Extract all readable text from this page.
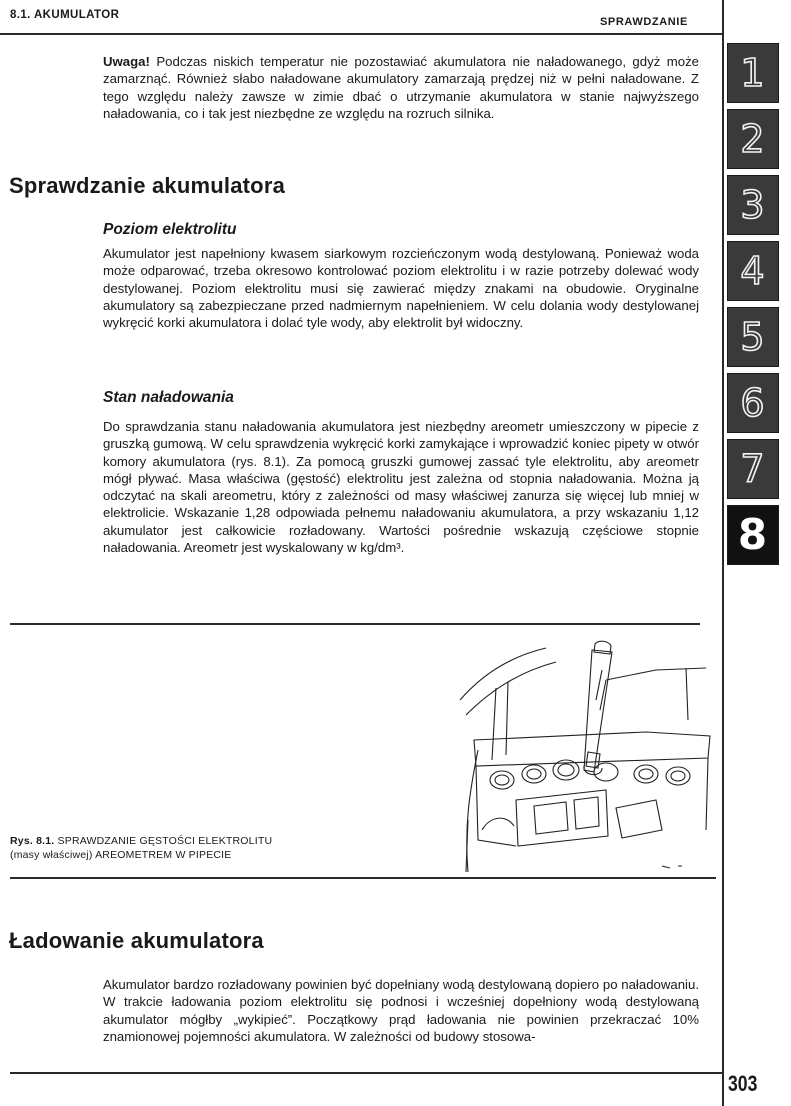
8.1. AKUMULATOR
SPRAWDZANIE
1
2
3
4
5
6
7
8
Uwaga! Podczas niskich temperatur nie pozostawiać akumulatora nie naładowanego, gdyż może zamarznąć. Również słabo naładowane akumulatory zamarzają prędzej niż w pełni naładowane. Z tego względu należy zawsze w zimie dbać o utrzymanie akumulatora w stanie najwyższego naładowania, co i tak jest niezbędne ze względu na rozruch silnika.
Sprawdzanie akumulatora
Poziom elektrolitu
Akumulator jest napełniony kwasem siarkowym rozcieńczonym wodą destylowaną. Ponieważ woda może odparować, trzeba okresowo kontrolować poziom elektrolitu i w razie potrzeby dolewać wody destylowanej. Poziom elektrolitu musi się zawierać między znakami na obudowie. Oryginalne akumulatory są zabezpieczane przed nadmiernym napełnieniem. W celu dolania wody destylowanej wykręcić korki akumulatora i dolać tyle wody, aby elektrolit był widoczny.
Stan naładowania
Do sprawdzania stanu naładowania akumulatora jest niezbędny areometr umieszczony w pipecie z gruszką gumową. W celu sprawdzenia wykręcić korki zamykające i wprowadzić koniec pipety w otwór komory akumulatora (rys. 8.1). Za pomocą gruszki gumowej zassać tyle elektrolitu, aby areometr mógł pływać. Masa właściwa (gęstość) elektrolitu jest zależna od stopnia naładowania. Można ją odczytać na skali areometru, który z zależności od masy właściwej zanurza się więcej lub mniej w elektrolicie. Wskazanie 1,28 odpowiada pełnemu naładowaniu akumulatora, a przy wskazaniu 1,12 akumulator jest całkowicie rozładowany. Wartości pośrednie wskazują częściowe stopnie naładowania. Areometr jest wyskalowany w kg/dm³.
Rys. 8.1. SPRAWDZANIE GĘSTOŚCI ELEKTROLITU
(masy właściwej) AREOMETREM W PIPECIE
Ładowanie akumulatora
Akumulator bardzo rozładowany powinien być dopełniany wodą destylowaną dopiero po naładowaniu. W trakcie ładowania poziom elektrolitu się podnosi i wcześniej dopełniony wodą destylowaną akumulator mógłby „wykipieć”. Początkowy prąd ładowania nie powinien przekraczać 10% znamionowej pojemności akumulatora. W zależności od budowy stosowa-
303
